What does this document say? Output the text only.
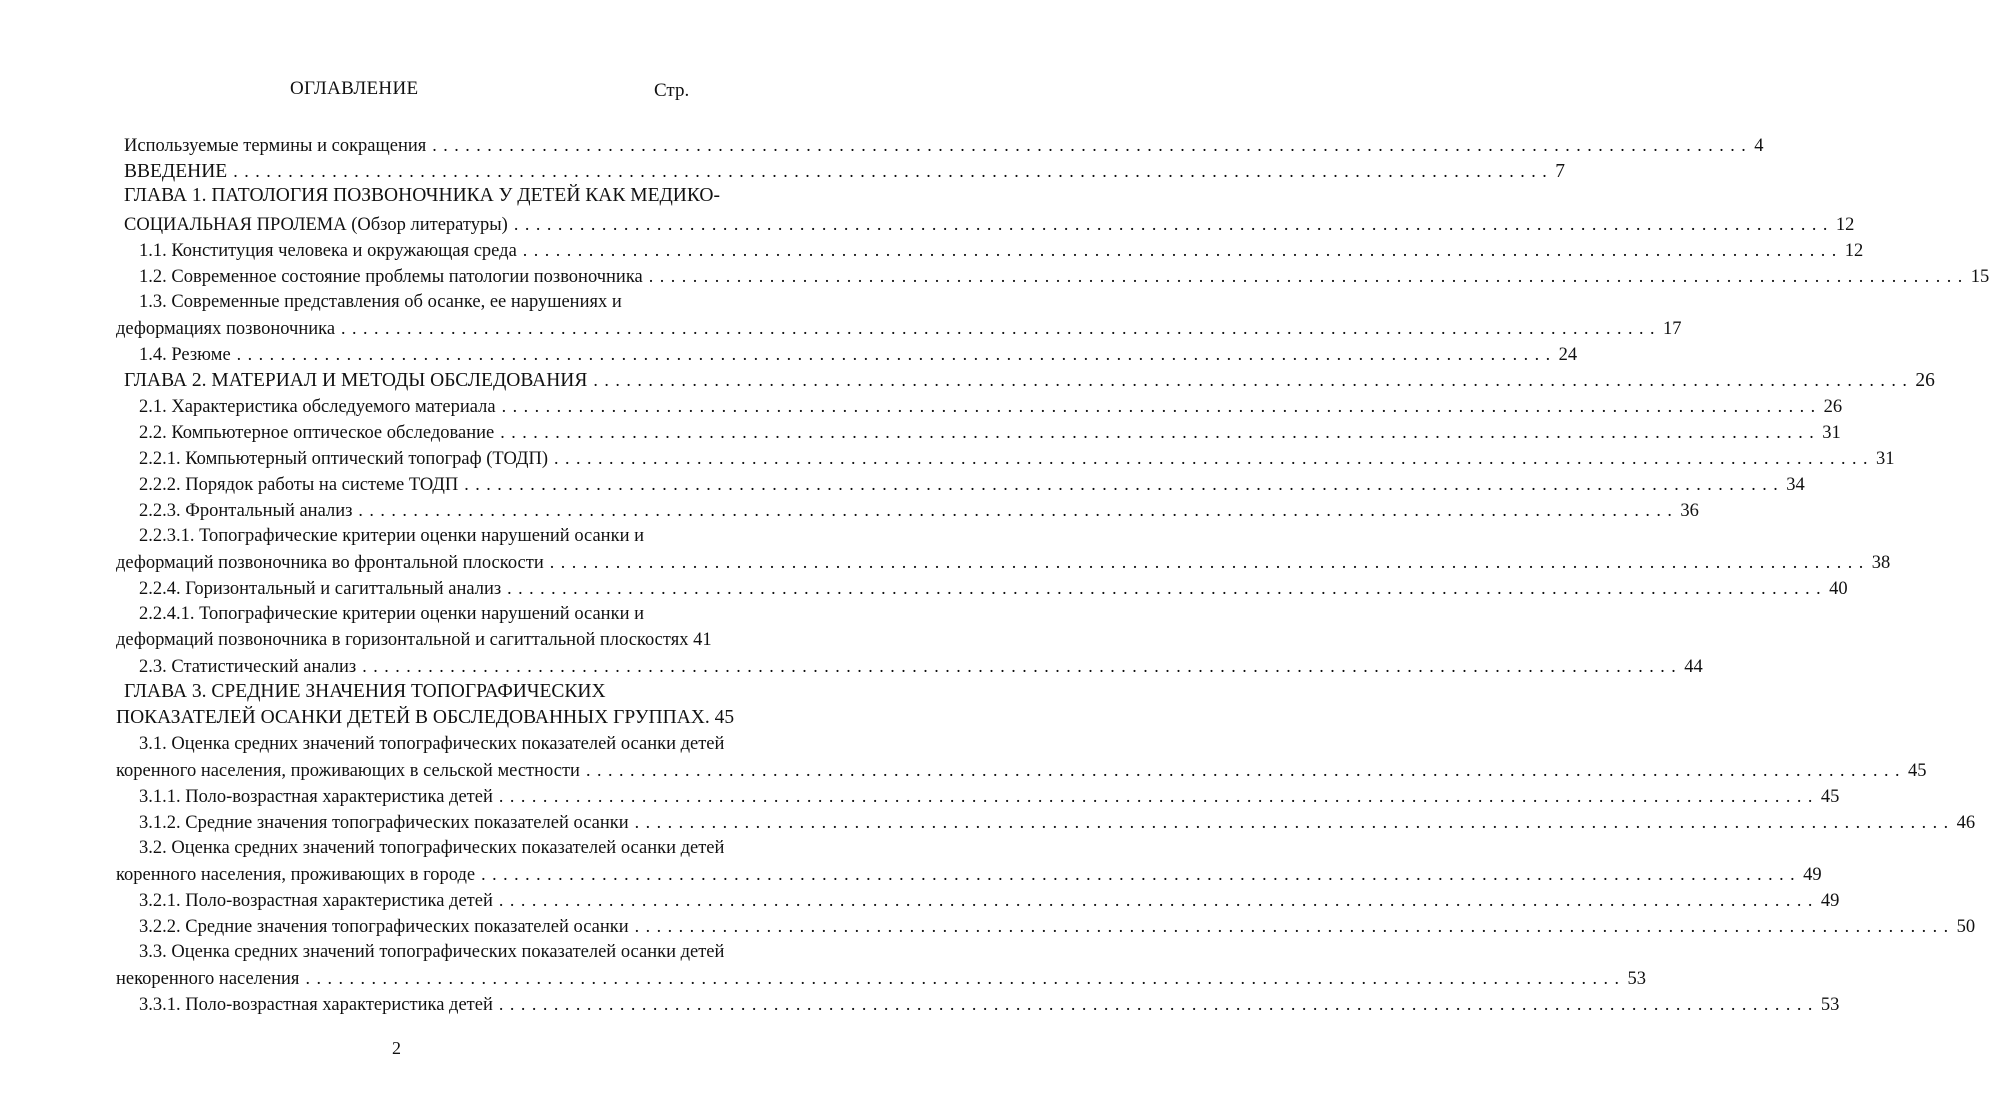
ОГЛАВЛЕНИЕ	Стр.
Используемые термины и сокращения ........................................................................................................................ 4
ВВЕДЕНИЕ ........................................................................................................................ 7
ГЛАВА 1. ПАТОЛОГИЯ ПОЗВОНОЧНИКА У ДЕТЕЙ КАК МЕДИКО-
СОЦИАЛЬНАЯ ПРОЛЕМА (Обзор литературы) ........................................................................................................................ 12
1.1. Конституция человека и окружающая среда ........................................................................................................................ 12
1.2. Современное состояние проблемы патологии позвоночника ........................................................................................................................ 15
1.3. Современные представления об осанке, ее нарушениях и
деформациях позвоночника ........................................................................................................................ 17
1.4. Резюме ........................................................................................................................ 24
ГЛАВА 2. МАТЕРИАЛ И МЕТОДЫ ОБСЛЕДОВАНИЯ ........................................................................................................................ 26
2.1. Характеристика обследуемого материала ........................................................................................................................ 26
2.2. Компьютерное оптическое обследование ........................................................................................................................ 31
2.2.1. Компьютерный оптический топограф (ТОДП) ........................................................................................................................ 31
2.2.2. Порядок работы на системе ТОДП ........................................................................................................................ 34
2.2.3. Фронтальный анализ ........................................................................................................................ 36
2.2.3.1. Топографические критерии оценки нарушений осанки и
деформаций позвоночника во фронтальной плоскости ........................................................................................................................ 38
2.2.4. Горизонтальный и сагиттальный анализ ........................................................................................................................ 40
2.2.4.1. Топографические критерии оценки нарушений осанки и
деформаций позвоночника в горизонтальной и сагиттальной плоскостях 41
2.3. Статистический анализ ........................................................................................................................ 44
ГЛАВА 3. СРЕДНИЕ ЗНАЧЕНИЯ ТОПОГРАФИЧЕСКИХ
ПОКАЗАТЕЛЕЙ ОСАНКИ ДЕТЕЙ В ОБСЛЕДОВАННЫХ ГРУППАХ. 45
3.1. Оценка средних значений топографических показателей осанки детей
коренного населения, проживающих в сельской местности ........................................................................................................................ 45
3.1.1. Поло-возрастная характеристика детей ........................................................................................................................ 45
3.1.2. Средние значения топографических показателей осанки ........................................................................................................................ 46
3.2. Оценка средних значений топографических показателей осанки детей
коренного населения, проживающих в городе ........................................................................................................................ 49
3.2.1. Поло-возрастная характеристика детей ........................................................................................................................ 49
3.2.2. Средние значения топографических показателей осанки ........................................................................................................................ 50
3.3. Оценка средних значений топографических показателей осанки детей
некоренного населения ........................................................................................................................ 53
3.3.1. Поло-возрастная характеристика детей ........................................................................................................................ 53
2
